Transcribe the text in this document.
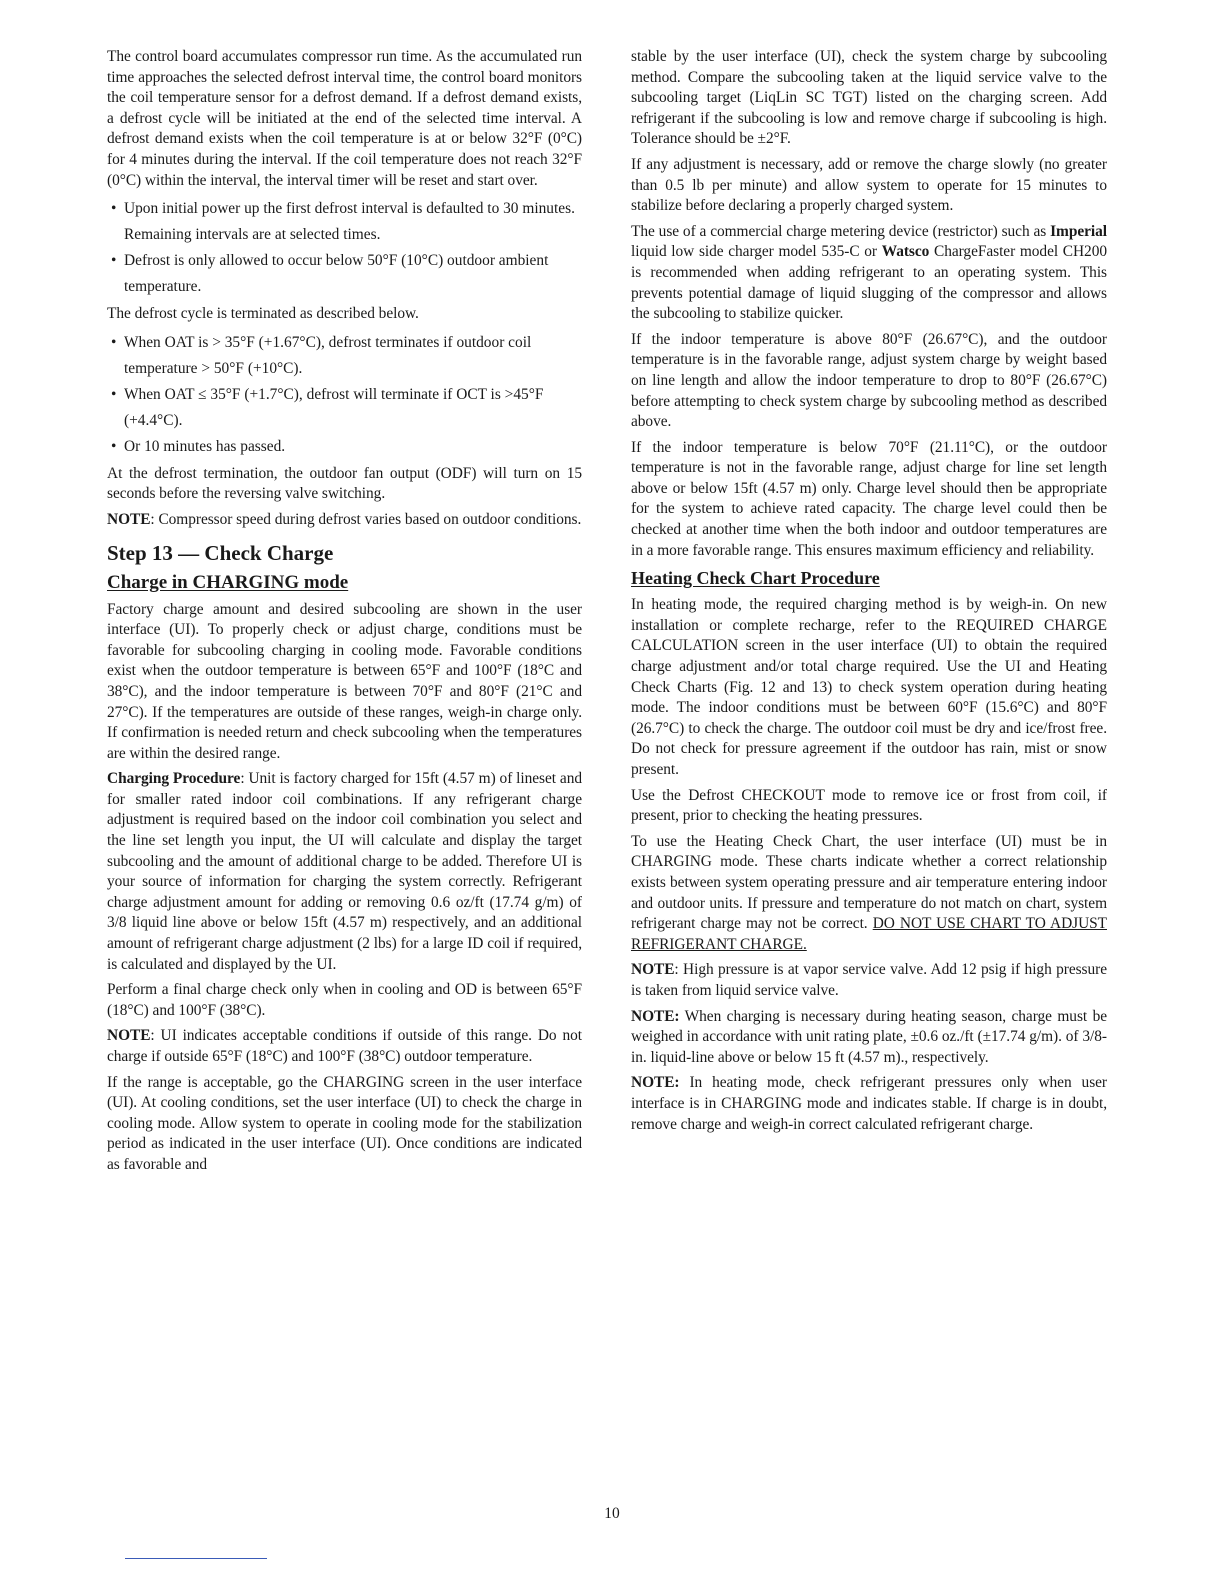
The control board accumulates compressor run time. As the accumulated run time approaches the selected defrost interval time, the control board monitors the coil temperature sensor for a defrost demand. If a defrost demand exists, a defrost cycle will be initiated at the end of the selected time interval. A defrost demand exists when the coil temperature is at or below 32°F (0°C) for 4 minutes during the interval. If the coil temperature does not reach 32°F (0°C) within the interval, the interval timer will be reset and start over.

• Upon initial power up the first defrost interval is defaulted to 30 minutes. Remaining intervals are at selected times.
• Defrost is only allowed to occur below 50°F (10°C) outdoor ambient temperature.

The defrost cycle is terminated as described below.

• When OAT is > 35°F (+1.67°C), defrost terminates if outdoor coil temperature > 50°F (+10°C).
• When OAT ≤ 35°F (+1.7°C), defrost will terminate if OCT is >45°F (+4.4°C).
• Or 10 minutes has passed.

At the defrost termination, the outdoor fan output (ODF) will turn on 15 seconds before the reversing valve switching.

NOTE: Compressor speed during defrost varies based on outdoor conditions.

Step 13 — Check Charge
Charge in CHARGING mode

Factory charge amount and desired subcooling are shown in the user interface (UI). To properly check or adjust charge, conditions must be favorable for subcooling charging in cooling mode. Favorable conditions exist when the outdoor temperature is between 65°F and 100°F (18°C and 38°C), and the indoor temperature is between 70°F and 80°F (21°C and 27°C). If the temperatures are outside of these ranges, weigh-in charge only. If confirmation is needed return and check subcooling when the temperatures are within the desired range.

Charging Procedure: Unit is factory charged for 15ft (4.57 m) of lineset and for smaller rated indoor coil combinations. If any refrigerant charge adjustment is required based on the indoor coil combination you select and the line set length you input, the UI will calculate and display the target subcooling and the amount of additional charge to be added. Therefore UI is your source of information for charging the system correctly. Refrigerant charge adjustment amount for adding or removing 0.6 oz/ft (17.74 g/m) of 3/8 liquid line above or below 15ft (4.57 m) respectively, and an additional amount of refrigerant charge adjustment (2 lbs) for a large ID coil if required, is calculated and displayed by the UI.

Perform a final charge check only when in cooling and OD is between 65°F (18°C) and 100°F (38°C).

NOTE: UI indicates acceptable conditions if outside of this range. Do not charge if outside 65°F (18°C) and 100°F (38°C) outdoor temperature.

If the range is acceptable, go the CHARGING screen in the user interface (UI). At cooling conditions, set the user interface (UI) to check the charge in cooling mode. Allow system to operate in cooling mode for the stabilization period as indicated in the user interface (UI). Once conditions are indicated as favorable and

stable by the user interface (UI), check the system charge by subcooling method. Compare the subcooling taken at the liquid service valve to the subcooling target (LiqLin SC TGT) listed on the charging screen. Add refrigerant if the subcooling is low and remove charge if subcooling is high. Tolerance should be ±2°F.

If any adjustment is necessary, add or remove the charge slowly (no greater than 0.5 lb per minute) and allow system to operate for 15 minutes to stabilize before declaring a properly charged system.

The use of a commercial charge metering device (restrictor) such as Imperial liquid low side charger model 535-C or Watsco ChargeFaster model CH200 is recommended when adding refrigerant to an operating system. This prevents potential damage of liquid slugging of the compressor and allows the subcooling to stabilize quicker.

If the indoor temperature is above 80°F (26.67°C), and the outdoor temperature is in the favorable range, adjust system charge by weight based on line length and allow the indoor temperature to drop to 80°F (26.67°C) before attempting to check system charge by subcooling method as described above.

If the indoor temperature is below 70°F (21.11°C), or the outdoor temperature is not in the favorable range, adjust charge for line set length above or below 15ft (4.57 m) only. Charge level should then be appropriate for the system to achieve rated capacity. The charge level could then be checked at another time when the both indoor and outdoor temperatures are in a more favorable range. This ensures maximum efficiency and reliability.

Heating Check Chart Procedure

In heating mode, the required charging method is by weigh-in. On new installation or complete recharge, refer to the REQUIRED CHARGE CALCULATION screen in the user interface (UI) to obtain the required charge adjustment and/or total charge required. Use the UI and Heating Check Charts (Fig. 12 and 13) to check system operation during heating mode. The indoor conditions must be between 60°F (15.6°C) and 80°F (26.7°C) to check the charge. The outdoor coil must be dry and ice/frost free. Do not check for pressure agreement if the outdoor has rain, mist or snow present.

Use the Defrost CHECKOUT mode to remove ice or frost from coil, if present, prior to checking the heating pressures.

To use the Heating Check Chart, the user interface (UI) must be in CHARGING mode. These charts indicate whether a correct relationship exists between system operating pressure and air temperature entering indoor and outdoor units. If pressure and temperature do not match on chart, system refrigerant charge may not be correct. DO NOT USE CHART TO ADJUST REFRIGERANT CHARGE.

NOTE: High pressure is at vapor service valve. Add 12 psig if high pressure is taken from liquid service valve.

NOTE: When charging is necessary during heating season, charge must be weighed in accordance with unit rating plate, ±0.6 oz./ft (±17.74 g/m). of 3/8-in. liquid-line above or below 15 ft (4.57 m)., respectively.

NOTE: In heating mode, check refrigerant pressures only when user interface is in CHARGING mode and indicates stable. If charge is in doubt, remove charge and weigh-in correct calculated refrigerant charge.

10
